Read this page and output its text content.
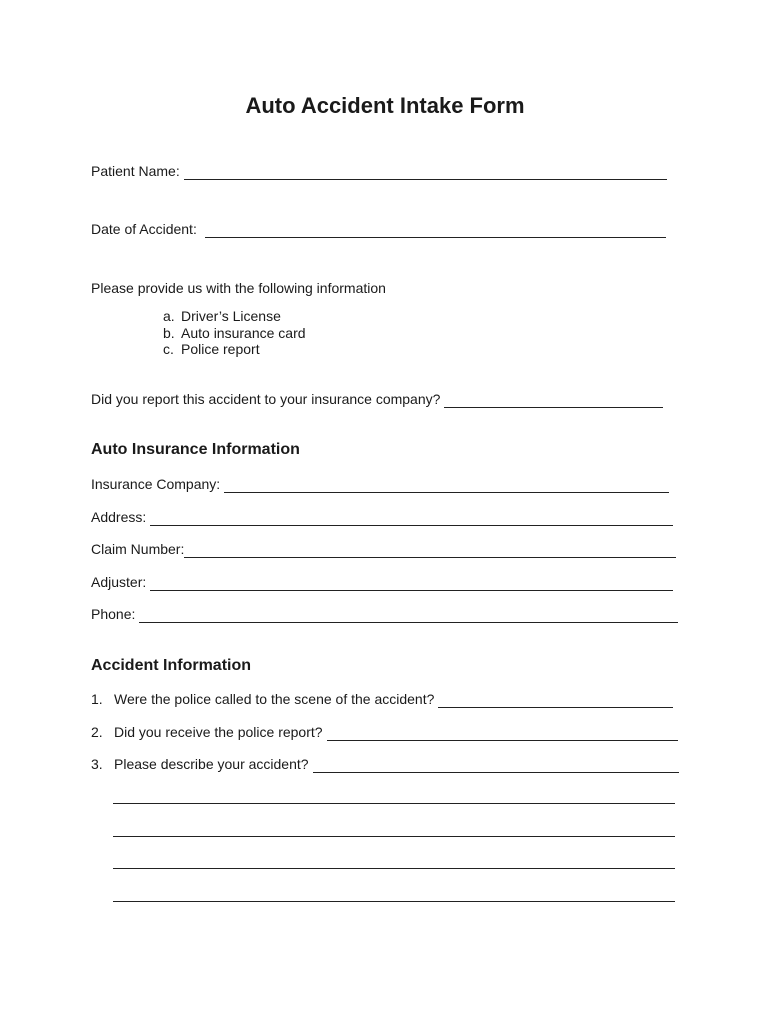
Auto Accident Intake Form
Patient Name:
Date of Accident:
Please provide us with the following information
a. Driver’s License
b. Auto insurance card
c. Police report
Did you report this accident to your insurance company?
Auto Insurance Information
Insurance Company:
Address:
Claim Number:
Adjuster:
Phone:
Accident Information
1. Were the police called to the scene of the accident?
2. Did you receive the police report?
3. Please describe your accident?
